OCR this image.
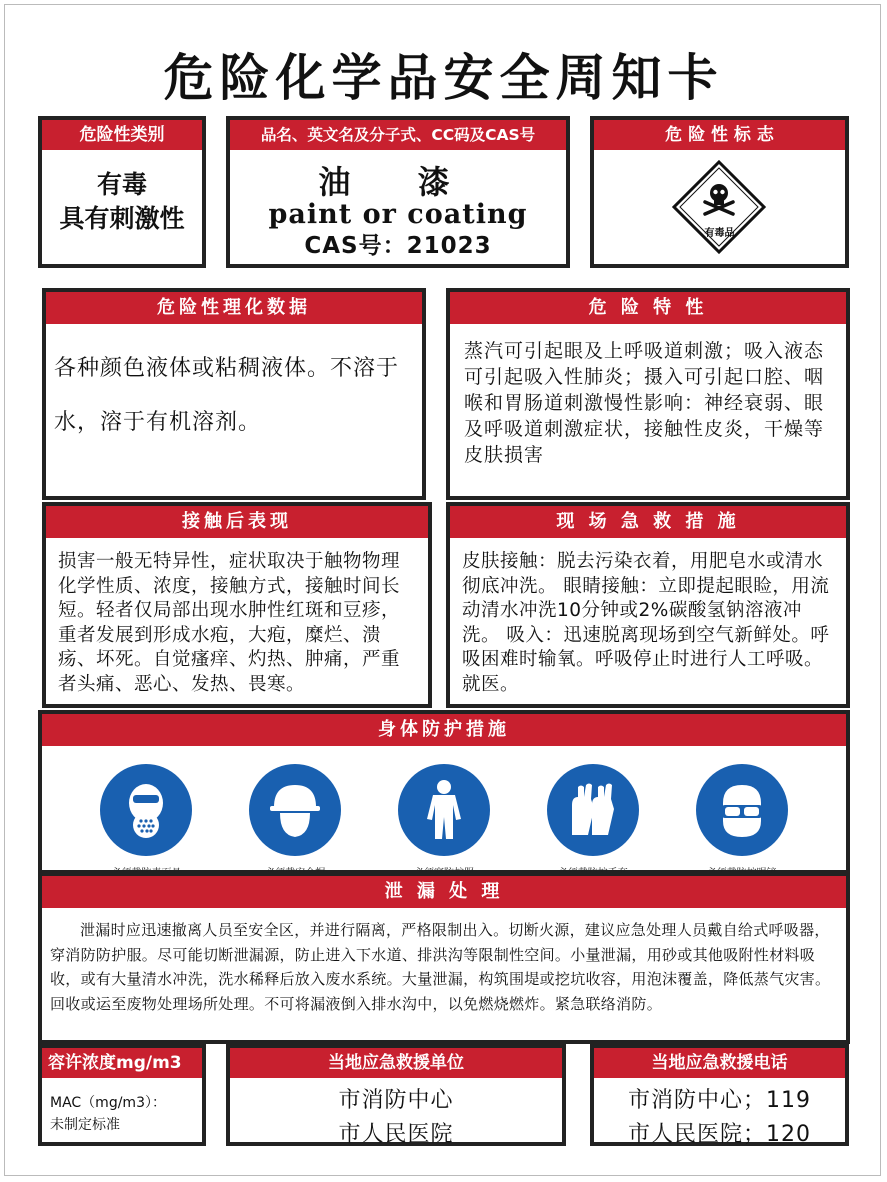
危险化学品安全周知卡
危险性类别
有毒
具有刺激性
品名、英文名及分子式、CC码及CAS号
油 漆
paint or coating
CAS号：21023
危 险 性 标 志
有毒品
危险性理化数据
各种颜色液体或粘稠液体。不溶于水，溶于有机溶剂。
危 险 特 性
蒸汽可引起眼及上呼吸道刺激；吸入液态可引起吸入性肺炎；摄入可引起口腔、咽喉和胃肠道刺激慢性影响：神经衰弱、眼及呼吸道刺激症状，接触性皮炎，干燥等皮肤损害
接触后表现
损害一般无特异性，症状取决于触物物理化学性质、浓度，接触方式，接触时间长短。轻者仅局部出现水肿性红斑和豆疹，重者发展到形成水疱，大疱，糜烂、溃疡、坏死。自觉瘙痒、灼热、肿痛，严重者头痛、恶心、发热、畏寒。
现 场 急 救 措 施
皮肤接触：脱去污染衣着，用肥皂水或清水彻底冲洗。 眼睛接触：立即提起眼睑，用流动清水冲洗10分钟或2%碳酸氢钠溶液冲洗。 吸入：迅速脱离现场到空气新鲜处。呼吸困难时输氧。呼吸停止时进行人工呼吸。就医。
身体防护措施
泄 漏 处 理
泄漏时应迅速撤离人员至安全区，并进行隔离，严格限制出入。切断火源，建议应急处理人员戴自给式呼吸器，穿消防防护服。尽可能切断泄漏源，防止进入下水道、排洪沟等限制性空间。小量泄漏，用砂或其他吸附性材料吸收，或有大量清水冲洗，洗水稀释后放入废水系统。大量泄漏，构筑围堤或挖坑收容，用泡沫覆盖，降低蒸气灾害。回收或运至废物处理场所处理。不可将漏液倒入排水沟中，以免燃烧燃炸。紧急联络消防。
容许浓度mg/m3
MAC（mg/m3）：
未制定标准
当地应急救援单位
市消防中心
市人民医院
当地应急救援电话
市消防中心；119
市人民医院；120
